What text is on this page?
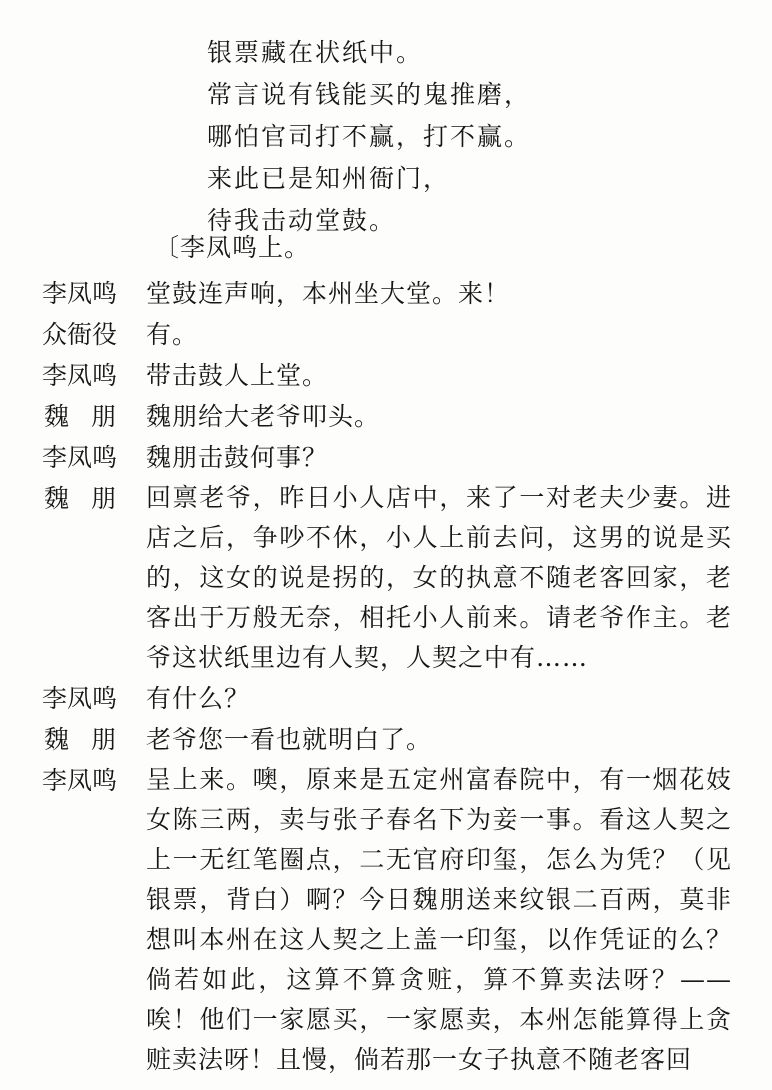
银票藏在状纸中。
常言说有钱能买的鬼推磨，
哪怕官司打不赢，打不赢。
来此已是知州衙门，
待我击动堂鼓。
〔李凤鸣上。
李凤鸣 堂鼓连声响，本州坐大堂。来！

众衙役 有。

李凤鸣 带击鼓人上堂。

魏 朋 魏朋给大老爷叩头。

李凤鸣 魏朋击鼓何事？

魏 朋 回禀老爷，昨日小人店中，来了一对老夫少妻。进店之后，争吵不休，小人上前去问，这男的说是买的，这女的说是拐的，女的执意不随老客回家，老客出于万般无奈，相托小人前来。请老爷作主。老爷这状纸里边有人契，人契之中有……

李凤鸣 有什么？

魏 朋 老爷您一看也就明白了。

李凤鸣 呈上来。噢，原来是五定州富春院中，有一烟花妓女陈三两，卖与张子春名下为妾一事。看这人契之上一无红笔圈点，二无官府印玺，怎么为凭？（见银票，背白）啊？今日魏朋送来纹银二百两，莫非想叫本州在这人契之上盖一印玺，以作凭证的么？倘若如此，这算不算贪赃，算不算卖法呀？——唉！他们一家愿买，一家愿卖，本州怎能算得上贪赃卖法呀！且慢，倘若那一女子执意不随老客回
